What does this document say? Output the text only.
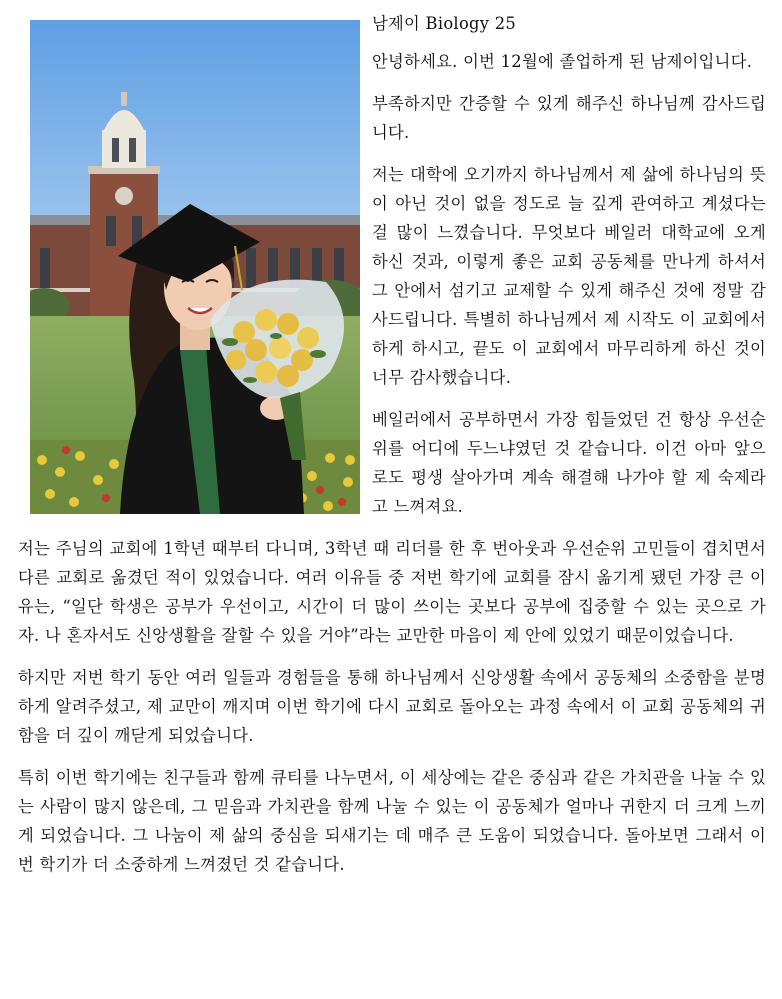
남제이 Biology 25

안녕하세요. 이번 12월에 졸업하게 된 남제이입니다.

부족하지만 간증할 수 있게 해주신 하나님께 감사드립니다.

저는 대학에 오기까지 하나님께서 제 삶에 하나님의 뜻이 아닌 것이 없을 정도로 늘 깊게 관여하고 계셨다는 걸 많이 느꼈습니다. 무엇보다 베일러 대학교에 오게 하신 것과, 이렇게 좋은 교회 공동체를 만나게 하셔서 그 안에서 섬기고 교제할 수 있게 해주신 것에 정말 감사드립니다. 특별히 하나님께서 제 시작도 이 교회에서 하게 하시고, 끝도 이 교회에서 마무리하게 하신 것이 너무 감사했습니다.

베일러에서 공부하면서 가장 힘들었던 건 항상 우선순위를 어디에 두느냐였던 것 같습니다. 이건 아마 앞으로도 평생 살아가며 계속 해결해 나가야 할 제 숙제라고 느껴져요.

저는 주님의 교회에 1학년 때부터 다니며, 3학년 때 리더를 한 후 번아웃과 우선순위 고민들이 겹치면서 다른 교회로 옮겼던 적이 있었습니다. 여러 이유들 중 저번 학기에 교회를 잠시 옮기게 됐던 가장 큰 이유는, “일단 학생은 공부가 우선이고, 시간이 더 많이 쓰이는 곳보다 공부에 집중할 수 있는 곳으로 가자. 나 혼자서도 신앙생활을 잘할 수 있을 거야”라는 교만한 마음이 제 안에 있었기 때문이었습니다.

하지만 저번 학기 동안 여러 일들과 경험들을 통해 하나님께서 신앙생활 속에서 공동체의 소중함을 분명하게 알려주셨고, 제 교만이 깨지며 이번 학기에 다시 교회로 돌아오는 과정 속에서 이 교회 공동체의 귀함을 더 깊이 깨닫게 되었습니다.

특히 이번 학기에는 친구들과 함께 큐티를 나누면서, 이 세상에는 같은 중심과 같은 가치관을 나눌 수 있는 사람이 많지 않은데, 그 믿음과 가치관을 함께 나눌 수 있는 이 공동체가 얼마나 귀한지 더 크게 느끼게 되었습니다. 그 나눔이 제 삶의 중심을 되새기는 데 매주 큰 도움이 되었습니다. 돌아보면 그래서 이번 학기가 더 소중하게 느껴졌던 것 같습니다.
